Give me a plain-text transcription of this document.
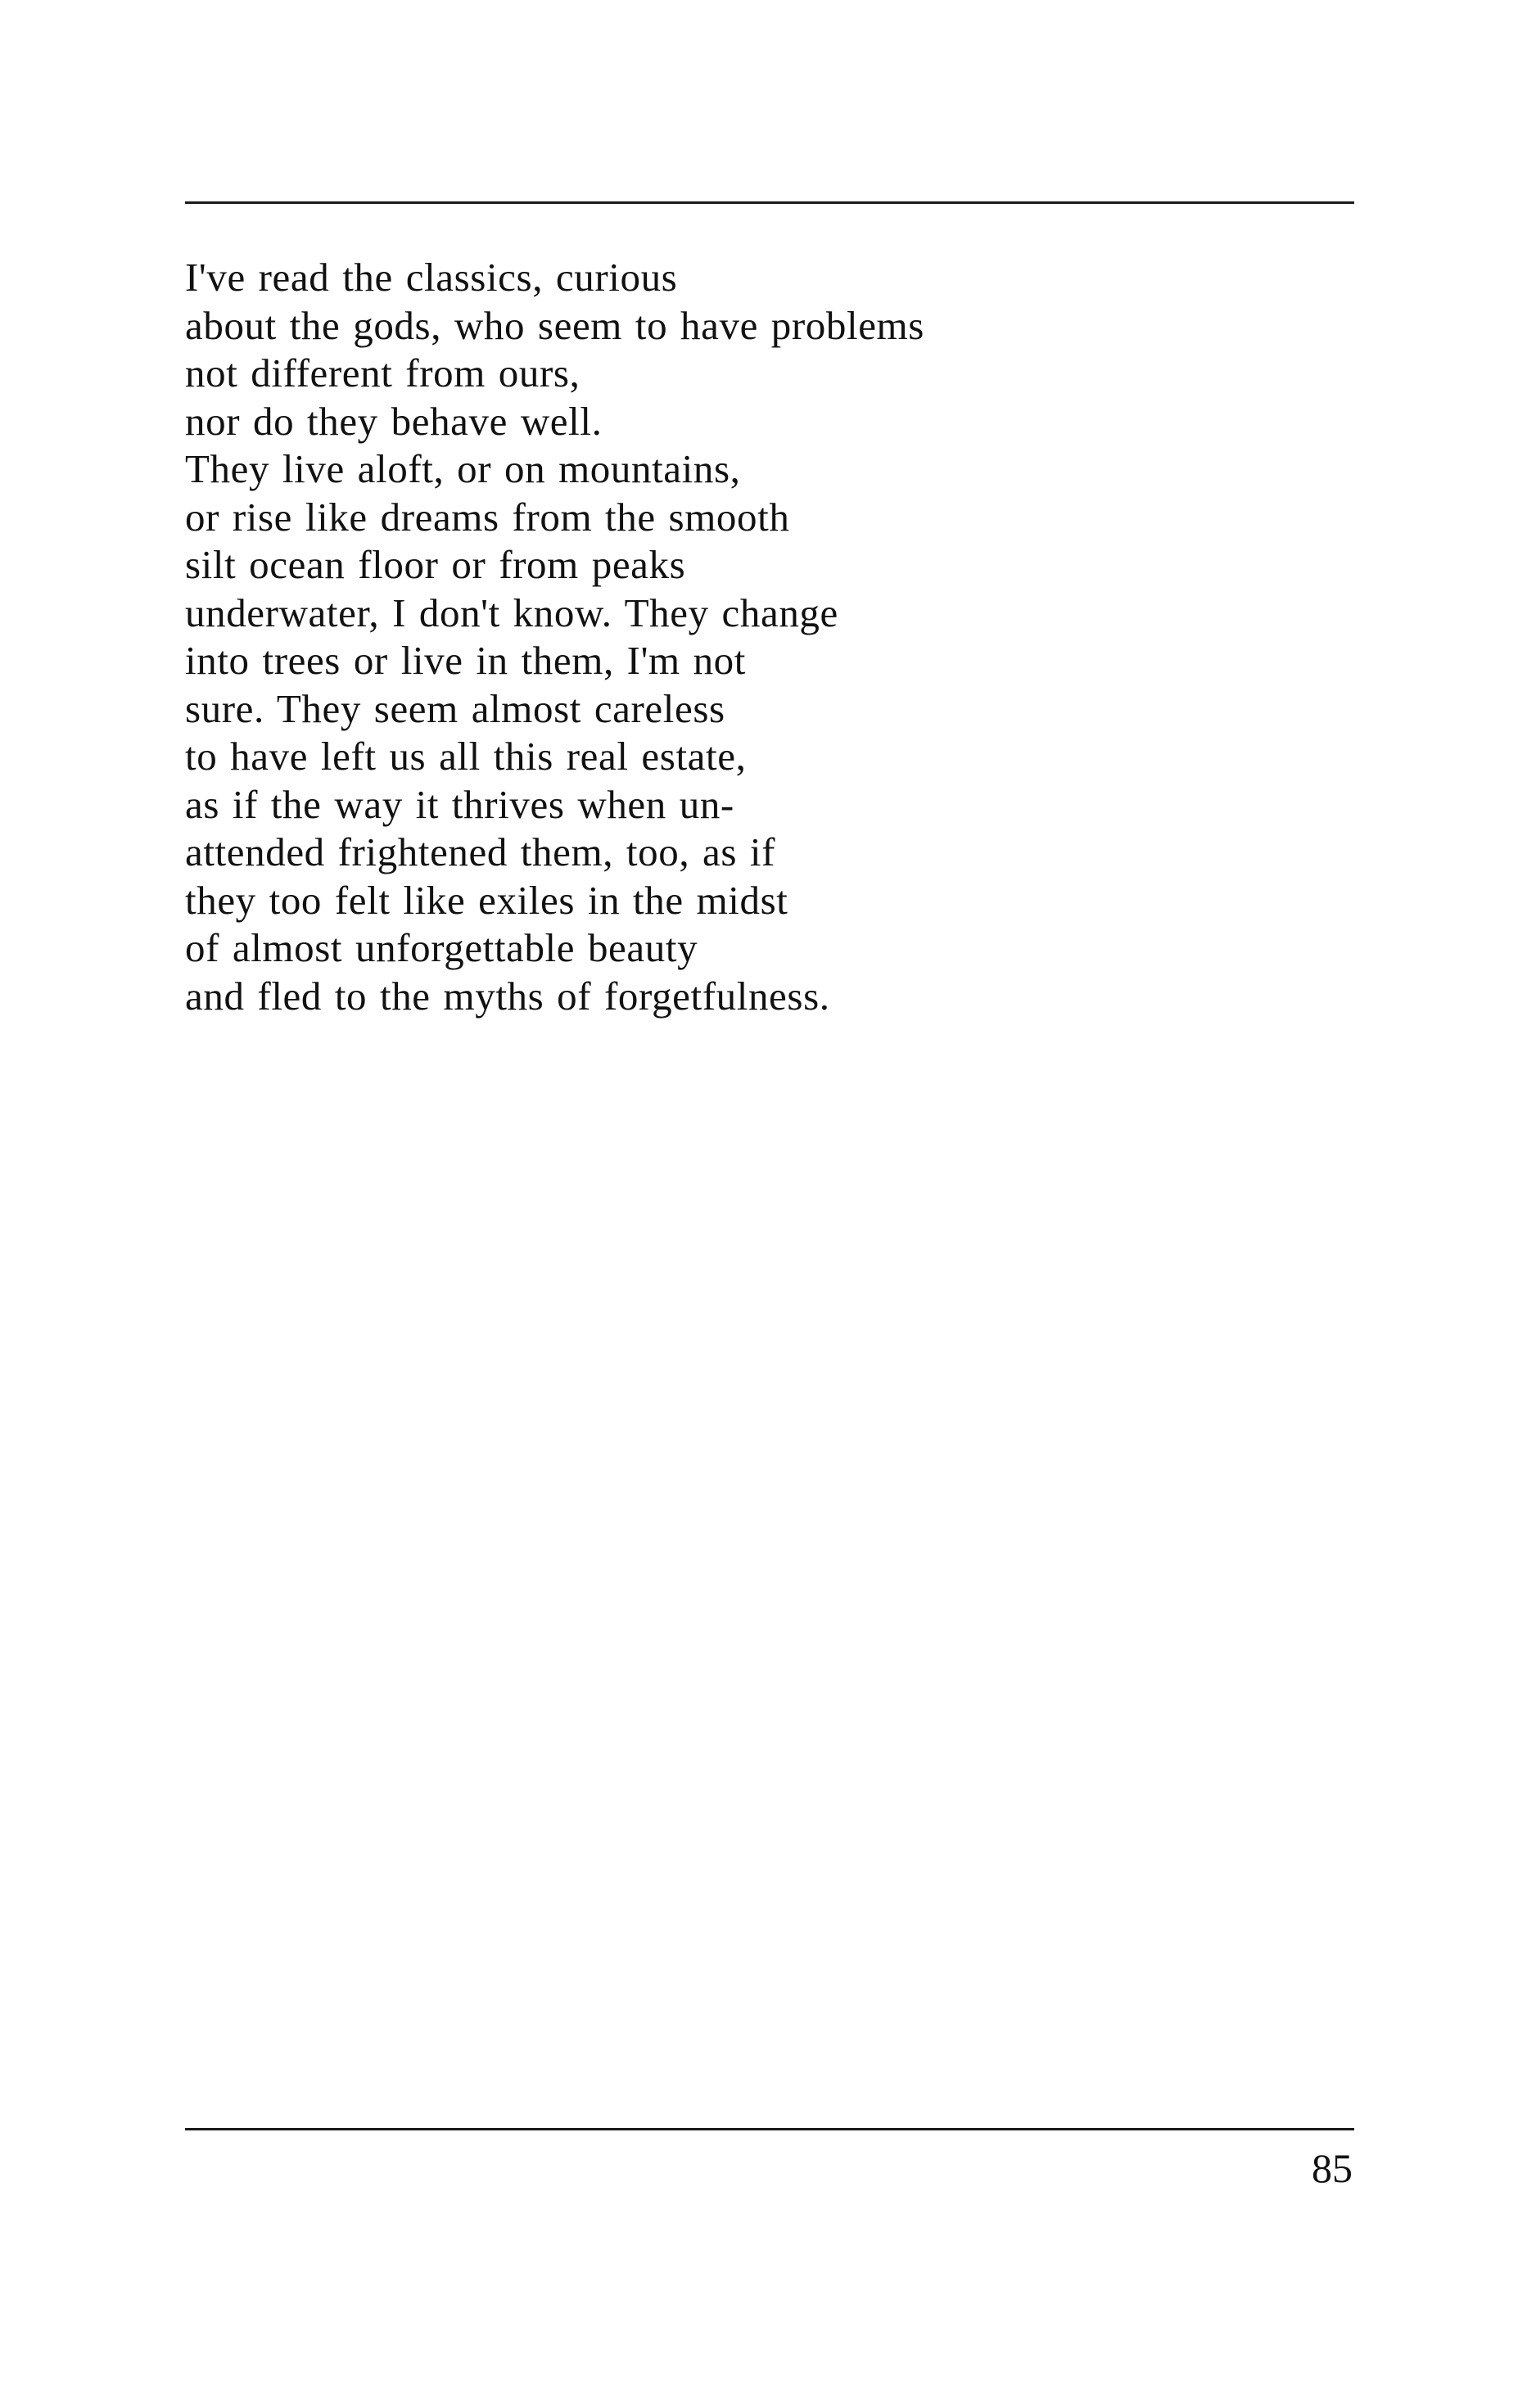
I've read the classics, curious
about the gods, who seem to have problems
not different from ours,
nor do they behave well.
They live aloft, or on mountains,
or rise like dreams from the smooth
silt ocean floor or from peaks
underwater, I don't know. They change
into trees or live in them, I'm not
sure. They seem almost careless
to have left us all this real estate,
as if the way it thrives when un-
attended frightened them, too, as if
they too felt like exiles in the midst
of almost unforgettable beauty
and fled to the myths of forgetfulness.
85
